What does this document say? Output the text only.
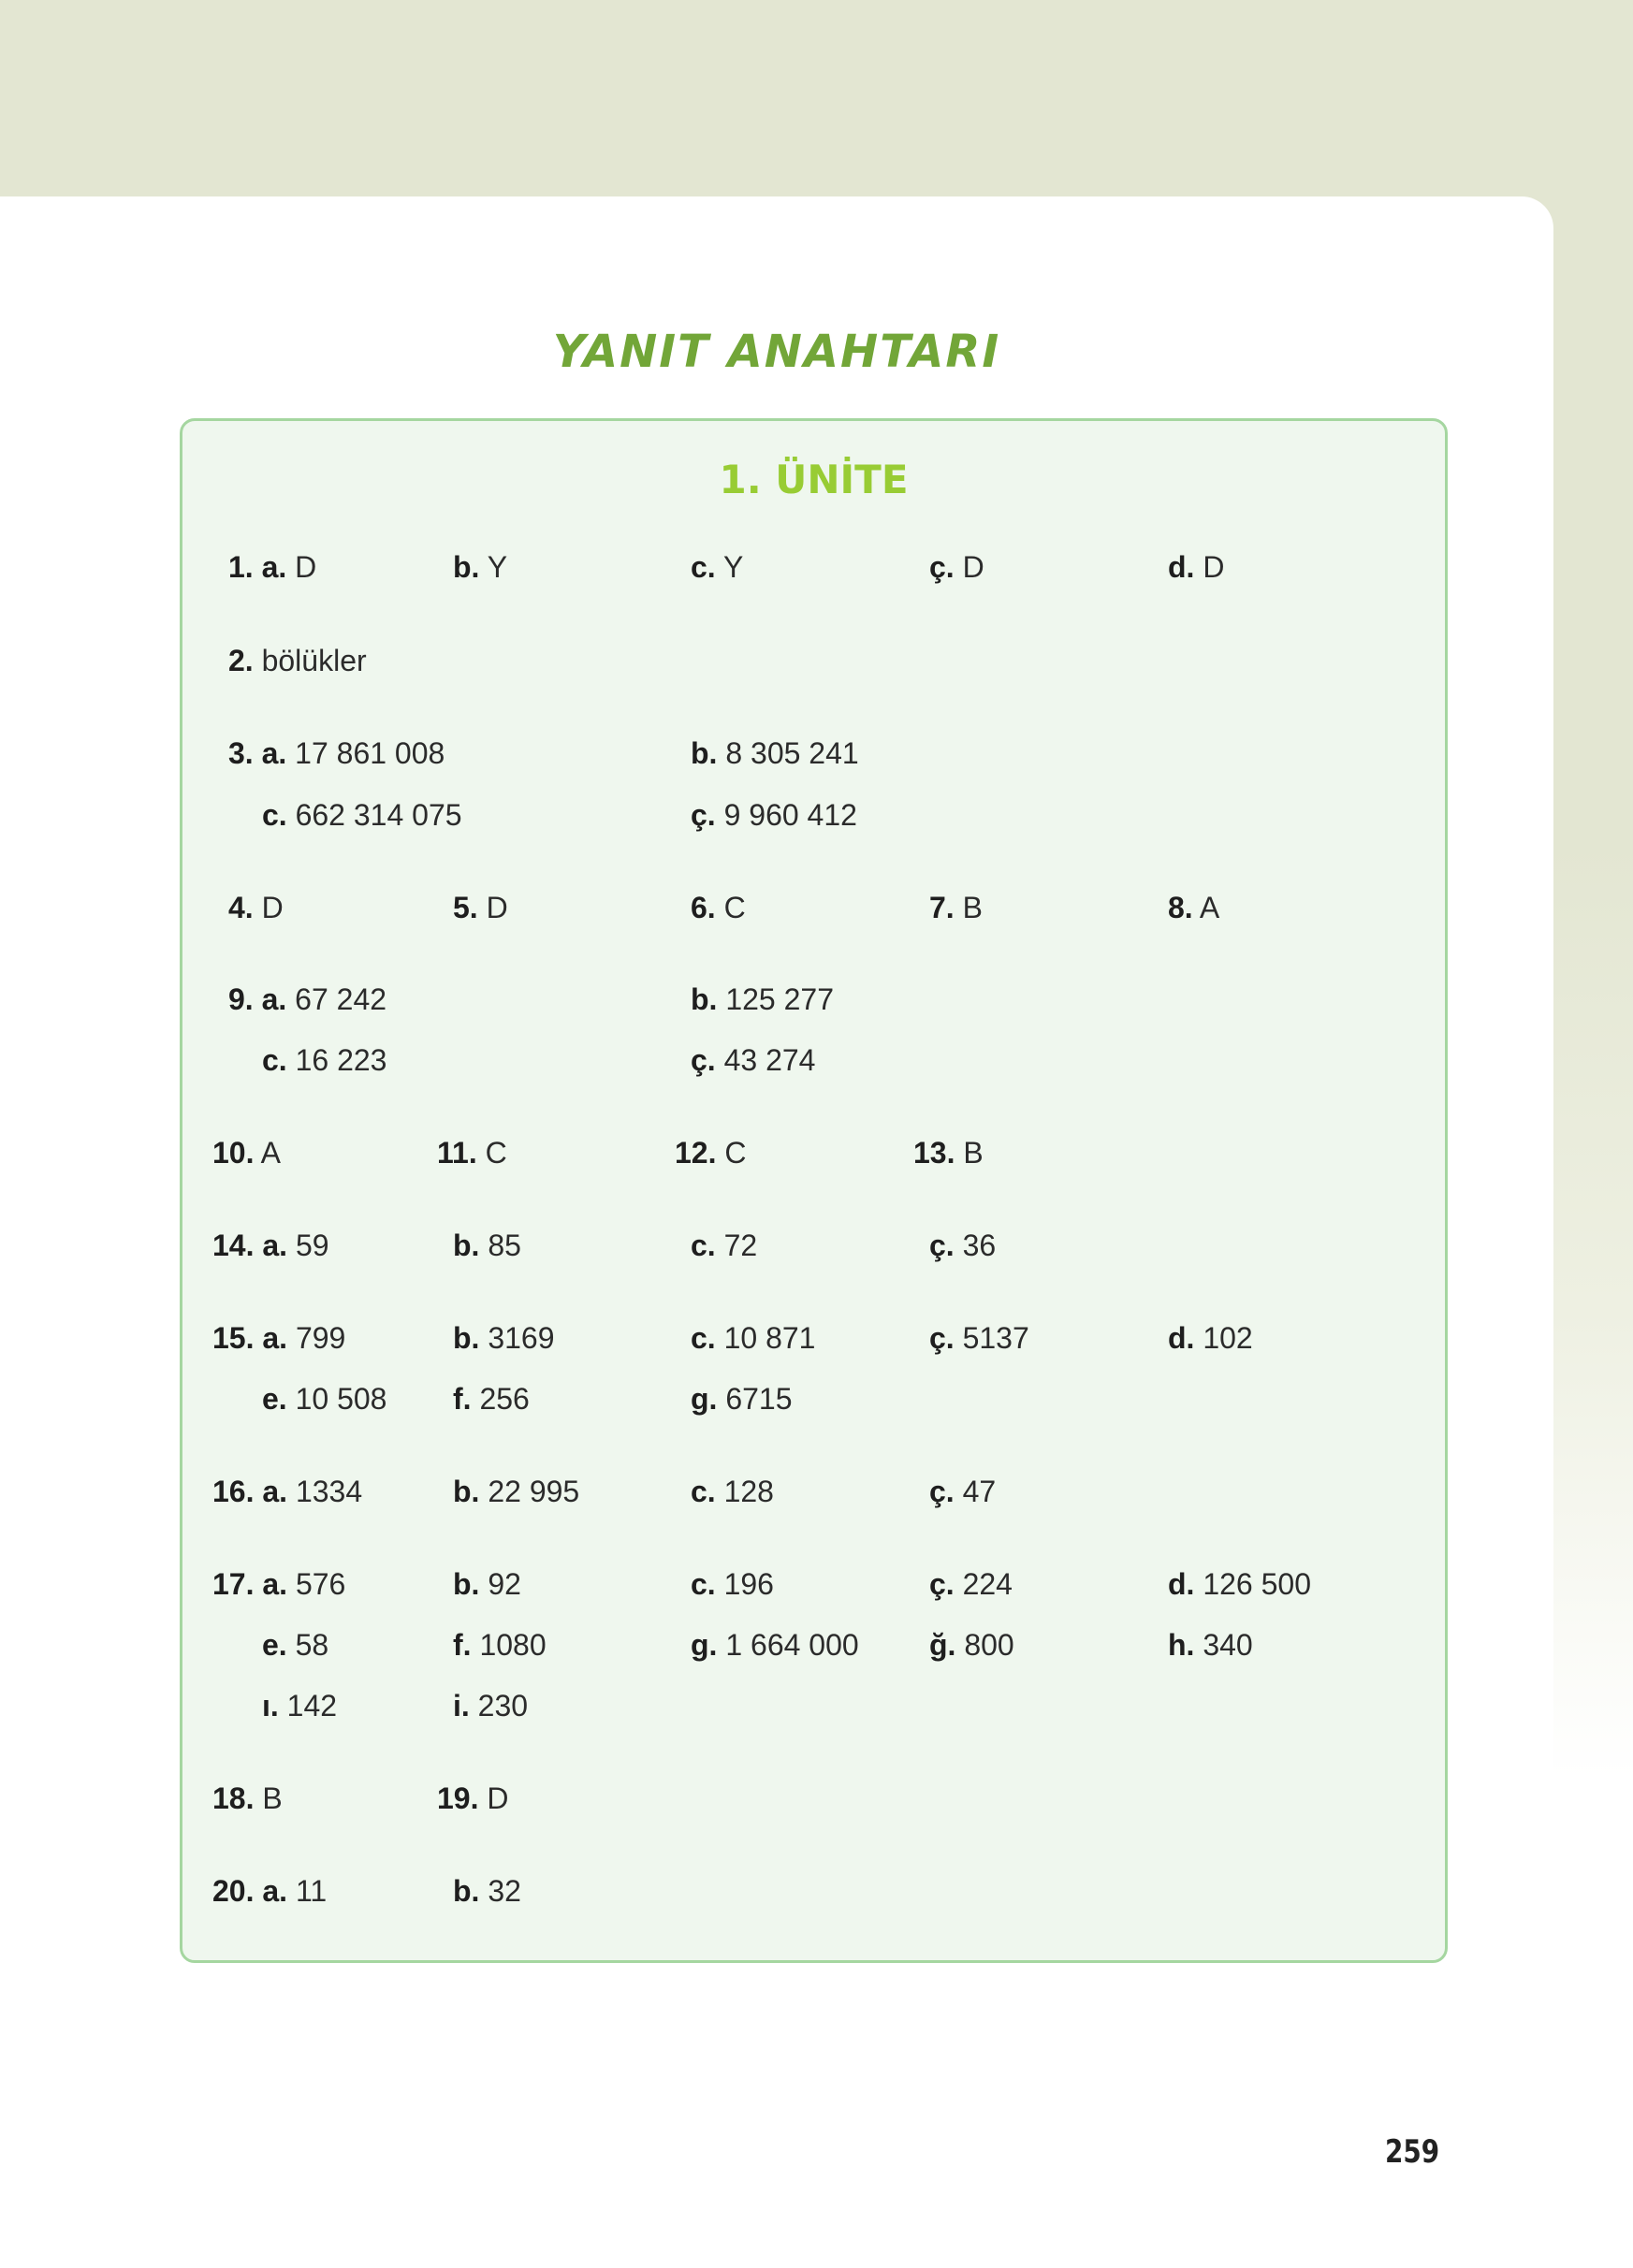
YANIT ANAHTARI
1. ÜNİTE
1. a. D	b. Y	c. Y	ç. D	d. D
2. bölükler
3. a. 17 861 008	b. 8 305 241
c. 662 314 075	ç. 9 960 412
4. D	5. D	6. C	7. B	8. A
9. a. 67 242	b. 125 277
c. 16 223	ç. 43 274
10. A	11. C	12. C	13. B
14. a. 59	b. 85	c. 72	ç. 36
15. a. 799	b. 3169	c. 10 871	ç. 5137	d. 102
e. 10 508 f. 256	g. 6715
16. a. 1334	b. 22 995	c. 128	ç. 47
17. a. 576	b. 92	c. 196	ç. 224	d. 126 500
e. 58	f. 1080	g. 1 664 000 ğ. 800	h. 340
ı. 142	i. 230
18. B	19. D
20. a. 11	b. 32
259
